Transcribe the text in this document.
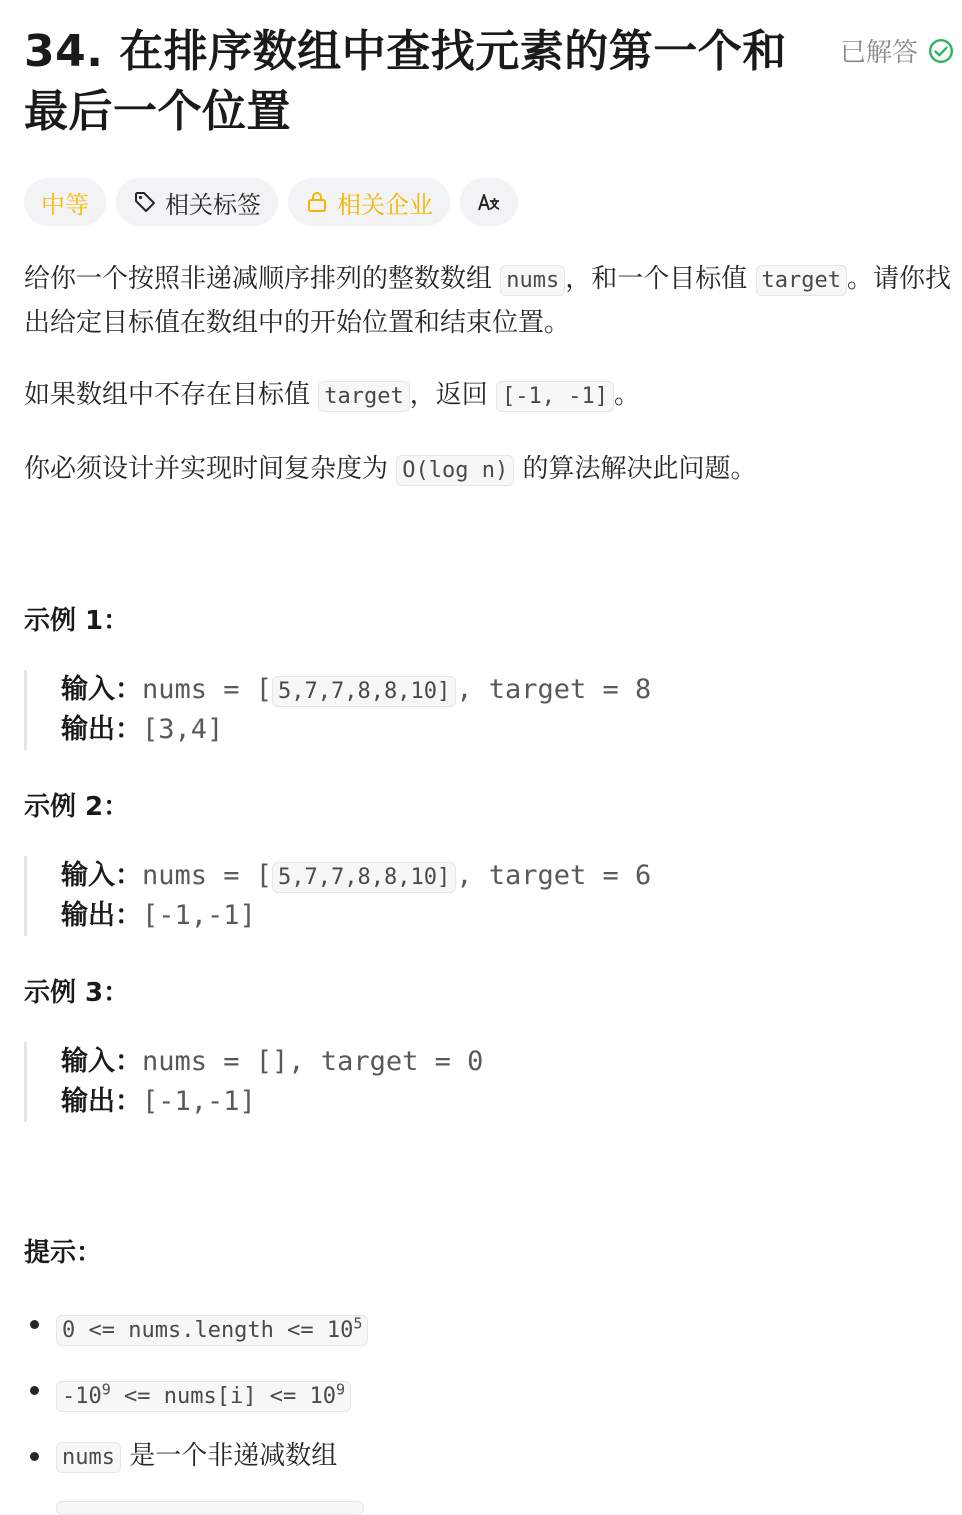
34. 在排序数组中查找元素的第一个和最后一个位置
已解答
中等	相关标签	相关企业
给你一个按照非递减顺序排列的整数数组 nums ，和一个目标值 target 。请你找出给定目标值在数组中的开始位置和结束位置。
如果数组中不存在目标值 target ，返回 [-1, -1] 。
你必须设计并实现时间复杂度为 O(log n) 的算法解决此问题。
示例 1：
输入：nums = [ 5,7,7,8,8,10] , target = 8
输出：[3,4]
示例 2：
输入：nums = [ 5,7,7,8,8,10] , target = 6
输出：[-1,-1]
示例 3：
输入：nums = [], target = 0
输出：[-1,-1]
提示：
0 <= nums.length <= $10^5$
$-10^9$ <= nums[i] <= $10^9$
nums 是一个非递减数组
